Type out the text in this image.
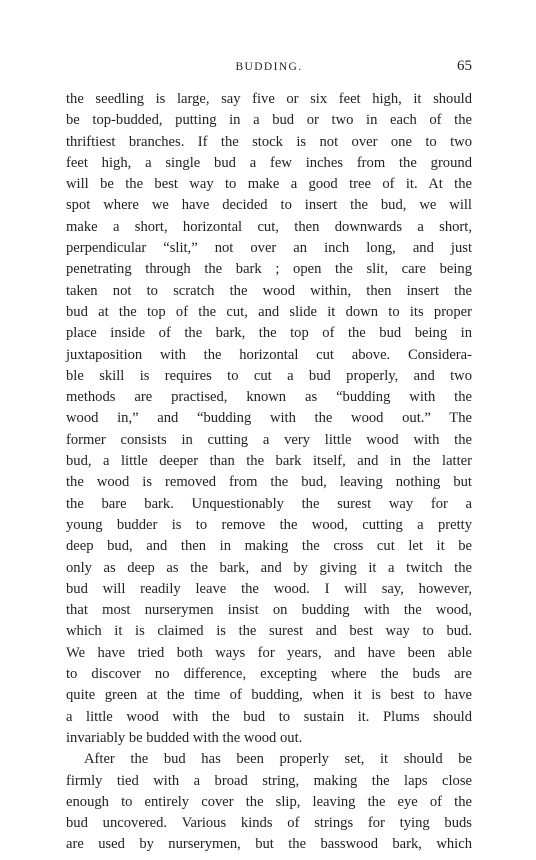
BUDDING.	65
the seedling is large, say five or six feet high, it should
be top-budded, putting in a bud or two in each of the
thriftiest branches. If the stock is not over one to two
feet high, a single bud a few inches from the ground
will be the best way to make a good tree of it. At the
spot where we have decided to insert the bud, we will
make a short, horizontal cut, then downwards a short,
perpendicular “slit,” not over an inch long, and just
penetrating through the bark ; open the slit, care being
taken not to scratch the wood within, then insert the
bud at the top of the cut, and slide it down to its proper
place inside of the bark, the top of the bud being in
juxtaposition with the horizontal cut above. Considera-
ble skill is requires to cut a bud properly, and two
methods are practised, known as “budding with the
wood in,” and “budding with the wood out.” The
former consists in cutting a very little wood with the
bud, a little deeper than the bark itself, and in the latter
the wood is removed from the bud, leaving nothing but
the bare bark. Unquestionably the surest way for a
young budder is to remove the wood, cutting a pretty
deep bud, and then in making the cross cut let it be
only as deep as the bark, and by giving it a twitch the
bud will readily leave the wood. I will say, however,
that most nurserymen insist on budding with the wood,
which it is claimed is the surest and best way to bud.
We have tried both ways for years, and have been able
to discover no difference, excepting where the buds are
quite green at the time of budding, when it is best to have
a little wood with the bud to sustain it. Plums should
invariably be budded with the wood out.
After the bud has been properly set, it should be
firmly tied with a broad string, making the laps close
enough to entirely cover the slip, leaving the eye of the
bud uncovered. Various kinds of strings for tying buds
are used by nurserymen, but the basswood bark, which
